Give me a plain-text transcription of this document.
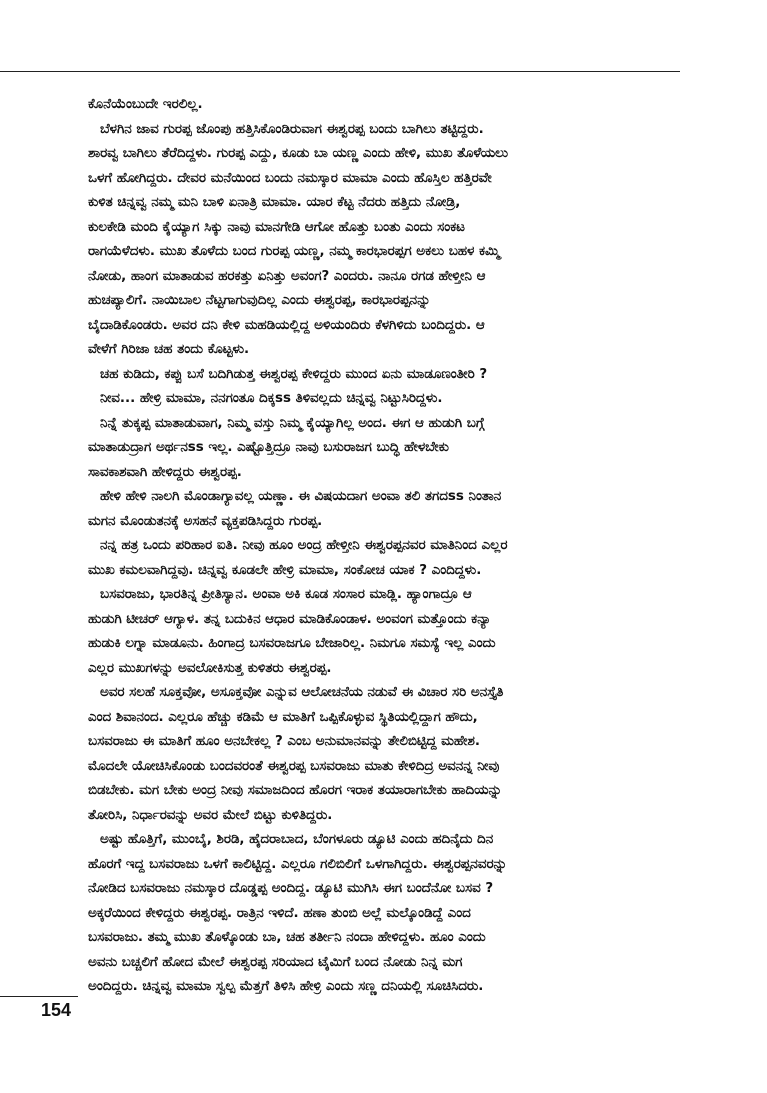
ಕೊನೆಯೆಂಬುದೇ ಇರಲಿಲ್ಲ.
ಬೆಳಗಿನ ಜಾವ ಗುರಪ್ಪ ಜೊಂಪು ಹತ್ತಿಸಿಕೊಂಡಿರುವಾಗ ಈಶ್ವರಪ್ಪ ಬಂದು ಬಾಗಿಲು ತಟ್ಟಿದ್ದರು.
ಶಾರವ್ವ ಬಾಗಿಲು ತೆರೆದಿದ್ದಳು. ಗುರಪ್ಪ ಎದ್ದು, ಕೂಡು ಬಾ ಯಣ್ಣ ಎಂದು ಹೇಳಿ, ಮುಖ ತೊಳೆಯಲು
ಒಳಗೆ ಹೋಗಿದ್ದರು. ದೇವರ ಮನೆಯಿಂದ ಬಂದು ನಮಸ್ಕಾರ ಮಾಮಾ ಎಂದು ಹೊಸ್ತಿಲ ಹತ್ತಿರವೇ
ಕುಳಿತ ಚಿನ್ನವ್ವ ನಮ್ಮ ಮನಿ ಬಾಳಿ ಏನಾತ್ರಿ ಮಾಮಾ. ಯಾರ ಕೆಟ್ಟ ನೆದರು ಹತ್ತಿದು ನೋಡ್ರಿ,
ಕುಲಕೇಡಿ ಮಂದಿ ಕೈಯ್ಯಾಗ ಸಿಕ್ಕು ನಾವು ಮಾನಗೇಡಿ ಆಗೋ ಹೊತ್ತು ಬಂತು ಎಂದು ಸಂಕಟ
ರಾಗಯೆಳೆದಳು. ಮುಖ ತೊಳೆದು ಬಂದ ಗುರಪ್ಪ ಯಣ್ಣ, ನಮ್ಮ ಕಾರಭಾರಪ್ಪಗ ಅಕಲು ಬಹಳ ಕಮ್ಮಿ
ನೋಡು, ಹಾಂಗ ಮಾತಾಡುವ ಹರಕತ್ತು ಏನಿತ್ತು ಅವಂಗ? ಎಂದರು. ನಾನೂ ರಗಡ ಹೇಳ್ತೀನಿ ಆ
ಹುಚಪ್ಯಾಲಿಗೆ. ನಾಯಿಬಾಲ ನೆಟ್ಟಗಾಗುವುದಿಲ್ಲ ಎಂದು ಈಶ್ವರಪ್ಪ, ಕಾರಭಾರಪ್ಪನನ್ನು
ಬೈದಾಡಿಕೊಂಡರು. ಅವರ ದನಿ ಕೇಳಿ ಮಹಡಿಯಲ್ಲಿದ್ದ ಅಳಿಯಂದಿರು ಕೆಳಗಿಳಿದು ಬಂದಿದ್ದರು. ಆ
ವೇಳೆಗೆ ಗಿರಿಜಾ ಚಹ ತಂದು ಕೊಟ್ಟಳು.
ಚಹ ಕುಡಿದು, ಕಪ್ಪು ಬಸೆ ಬದಿಗಿಡುತ್ತ ಈಶ್ವರಪ್ಪ ಕೇಳಿದ್ದರು ಮುಂದ ಏನು ಮಾಡೂಣಂತೀರಿ ?
ನೀವ... ಹೇಳ್ರಿ ಮಾಮಾ, ನನಗಂತೂ ದಿಕ್ಕss ತಿಳಿವಲ್ಲದು ಚಿನ್ನವ್ವ ನಿಟ್ಟುಸಿರಿದ್ದಳು.
ನಿನ್ನೆ ತುಕ್ಕಪ್ಪ ಮಾತಾಡುವಾಗ, ನಿಮ್ಮ ವಸ್ತು ನಿಮ್ಮ ಕೈಯ್ಯಾಗಿಲ್ಲ ಅಂದ. ಈಗ ಆ ಹುಡುಗಿ ಬಗ್ಗೆ
ಮಾತಾಡುದ್ರಾಗ ಅರ್ಥನss ಇಲ್ಲ. ಎಷ್ಟೊತ್ತಿದ್ರೂ ನಾವು ಬಸುರಾಜಗ ಬುದ್ಧಿ ಹೇಳಬೇಕು
ಸಾವಕಾಶವಾಗಿ ಹೇಳಿದ್ದರು ಈಶ್ವರಪ್ಪ.
ಹೇಳಿ ಹೇಳಿ ನಾಲಗಿ ಮೊಂಡಾಗ್ಯಾವಲ್ಲ ಯಣ್ಣಾ. ಈ ವಿಷಯದಾಗ ಅಂವಾ ತಲಿ ತಗದss ನಿಂತಾನ
ಮಗನ ಮೊಂಡುತನಕ್ಕೆ ಅಸಹನೆ ವ್ಯಕ್ತಪಡಿಸಿದ್ದರು ಗುರಪ್ಪ.
ನನ್ನ ಹತ್ರ ಒಂದು ಪರಿಹಾರ ಐತಿ. ನೀವು ಹೂಂ ಅಂದ್ರ ಹೇಳ್ತೀನಿ ಈಶ್ವರಪ್ಪನವರ ಮಾತಿನಿಂದ ಎಲ್ಲರ
ಮುಖ ಕಮಲವಾಗಿದ್ದವು. ಚಿನ್ನವ್ವ ಕೂಡಲೇ ಹೇಳ್ರಿ ಮಾಮಾ, ಸಂಕೋಚ ಯಾಕ ? ಎಂದಿದ್ದಳು.
ಬಸವರಾಜು, ಭಾರತಿನ್ನ ಪ್ರೀತಿಸ್ಯಾನ. ಅಂವಾ ಅಕಿ ಕೂಡ ಸಂಸಾರ ಮಾಡ್ಲಿ. ಹ್ಯಾಂಗಾದ್ರೂ ಆ
ಹುಡುಗಿ ಟೀಚರ್ ಆಗ್ಯಾಳ. ತನ್ನ ಬದುಕಿನ ಆಧಾರ ಮಾಡಿಕೊಂಡಾಳ. ಅಂವಂಗ ಮತ್ತೊಂದು ಕನ್ಯಾ
ಹುಡುಕಿ ಲಗ್ನಾ ಮಾಡೂನು. ಹಿಂಗಾದ್ರ ಬಸವರಾಜಗೂ ಬೇಜಾರಿಲ್ಲ. ನಿಮಗೂ ಸಮಸ್ಯೆ ಇಲ್ಲ ಎಂದು
ಎಲ್ಲರ ಮುಖಗಳನ್ನು ಅವಲೋಕಿಸುತ್ತ ಕುಳಿತರು ಈಶ್ವರಪ್ಪ.
ಅವರ ಸಲಹೆ ಸೂಕ್ತವೋ, ಅಸೂಕ್ತವೋ ಎನ್ನುವ ಆಲೋಚನೆಯ ನಡುವೆ ಈ ವಿಚಾರ ಸರಿ ಅನಸ್ತೈತಿ
ಎಂದ ಶಿವಾನಂದ. ಎಲ್ಲರೂ ಹೆಚ್ಚು ಕಡಿಮೆ ಆ ಮಾತಿಗೆ ಒಪ್ಪಿಕೊಳ್ಳುವ ಸ್ಥಿತಿಯಲ್ಲಿದ್ದಾಗ ಹೌದು,
ಬಸವರಾಜು ಈ ಮಾತಿಗೆ ಹೂಂ ಅನಬೇಕಲ್ಲ ? ಎಂಬ ಅನುಮಾನವನ್ನು ತೇಲಿಬಿಟ್ಟಿದ್ದ ಮಹೇಶ.
ಮೊದಲೇ ಯೋಚಿಸಿಕೊಂಡು ಬಂದವರಂತೆ ಈಶ್ವರಪ್ಪ ಬಸವರಾಜು ಮಾತು ಕೇಳಿದಿದ್ರ ಅವನನ್ನ ನೀವು
ಬಿಡಬೇಕು. ಮಗ ಬೇಕು ಅಂದ್ರ ನೀವು ಸಮಾಜದಿಂದ ಹೊರಗ ಇರಾಕ ತಯಾರಾಗಬೇಕು ಹಾದಿಯನ್ನು
ತೋರಿಸಿ, ನಿರ್ಧಾರವನ್ನು ಅವರ ಮೇಲೆ ಬಿಟ್ಟು ಕುಳಿತಿದ್ದರು.
ಅಷ್ಟು ಹೊತ್ತಿಗೆ, ಮುಂಬೈ, ಶಿರಡಿ, ಹೈದರಾಬಾದ, ಬೆಂಗಳೂರು ಡ್ಯೂಟಿ ಎಂದು ಹದಿನೈದು ದಿನ
ಹೊರಗೆ ಇದ್ದ ಬಸವರಾಜು ಒಳಗೆ ಕಾಲಿಟ್ಟಿದ್ದ. ಎಲ್ಲರೂ ಗಲಿಬಿಲಿಗೆ ಒಳಗಾಗಿದ್ದರು. ಈಶ್ವರಪ್ಪನವರನ್ನು
ನೋಡಿದ ಬಸವರಾಜು ನಮಸ್ಕಾರ ದೊಡ್ಡಪ್ಪ ಅಂದಿದ್ದ. ಡ್ಯೂಟಿ ಮುಗಿಸಿ ಈಗ ಬಂದೆನೋ ಬಸವ ?
ಅಕ್ಕರೆಯಿಂದ ಕೇಳಿದ್ದರು ಈಶ್ವರಪ್ಪ. ರಾತ್ರಿನ ಇಳಿದೆ. ಹಣಾ ತುಂಬಿ ಅಲ್ಲೆ ಮಲ್ಕೊಂಡಿದ್ದೆ ಎಂದ
ಬಸವರಾಜು. ತಮ್ಮ ಮುಖ ತೊಳ್ಕೊಂಡು ಬಾ, ಚಹ ತರ್ತೀನಿ ನಂದಾ ಹೇಳಿದ್ದಳು. ಹೂಂ ಎಂದು
ಅವನು ಬಚ್ಚಲಿಗೆ ಹೋದ ಮೇಲೆ ಈಶ್ವರಪ್ಪ ಸರಿಯಾದ ಟೈಮಿಗೆ ಬಂದ ನೋಡು ನಿನ್ನ ಮಗ
ಅಂದಿದ್ದರು. ಚಿನ್ನವ್ವ ಮಾಮಾ ಸ್ವಲ್ಪ ಮೆತ್ತಗೆ ತಿಳಿಸಿ ಹೇಳ್ರಿ ಎಂದು ಸಣ್ಣ ದನಿಯಲ್ಲಿ ಸೂಚಿಸಿದರು.
154
